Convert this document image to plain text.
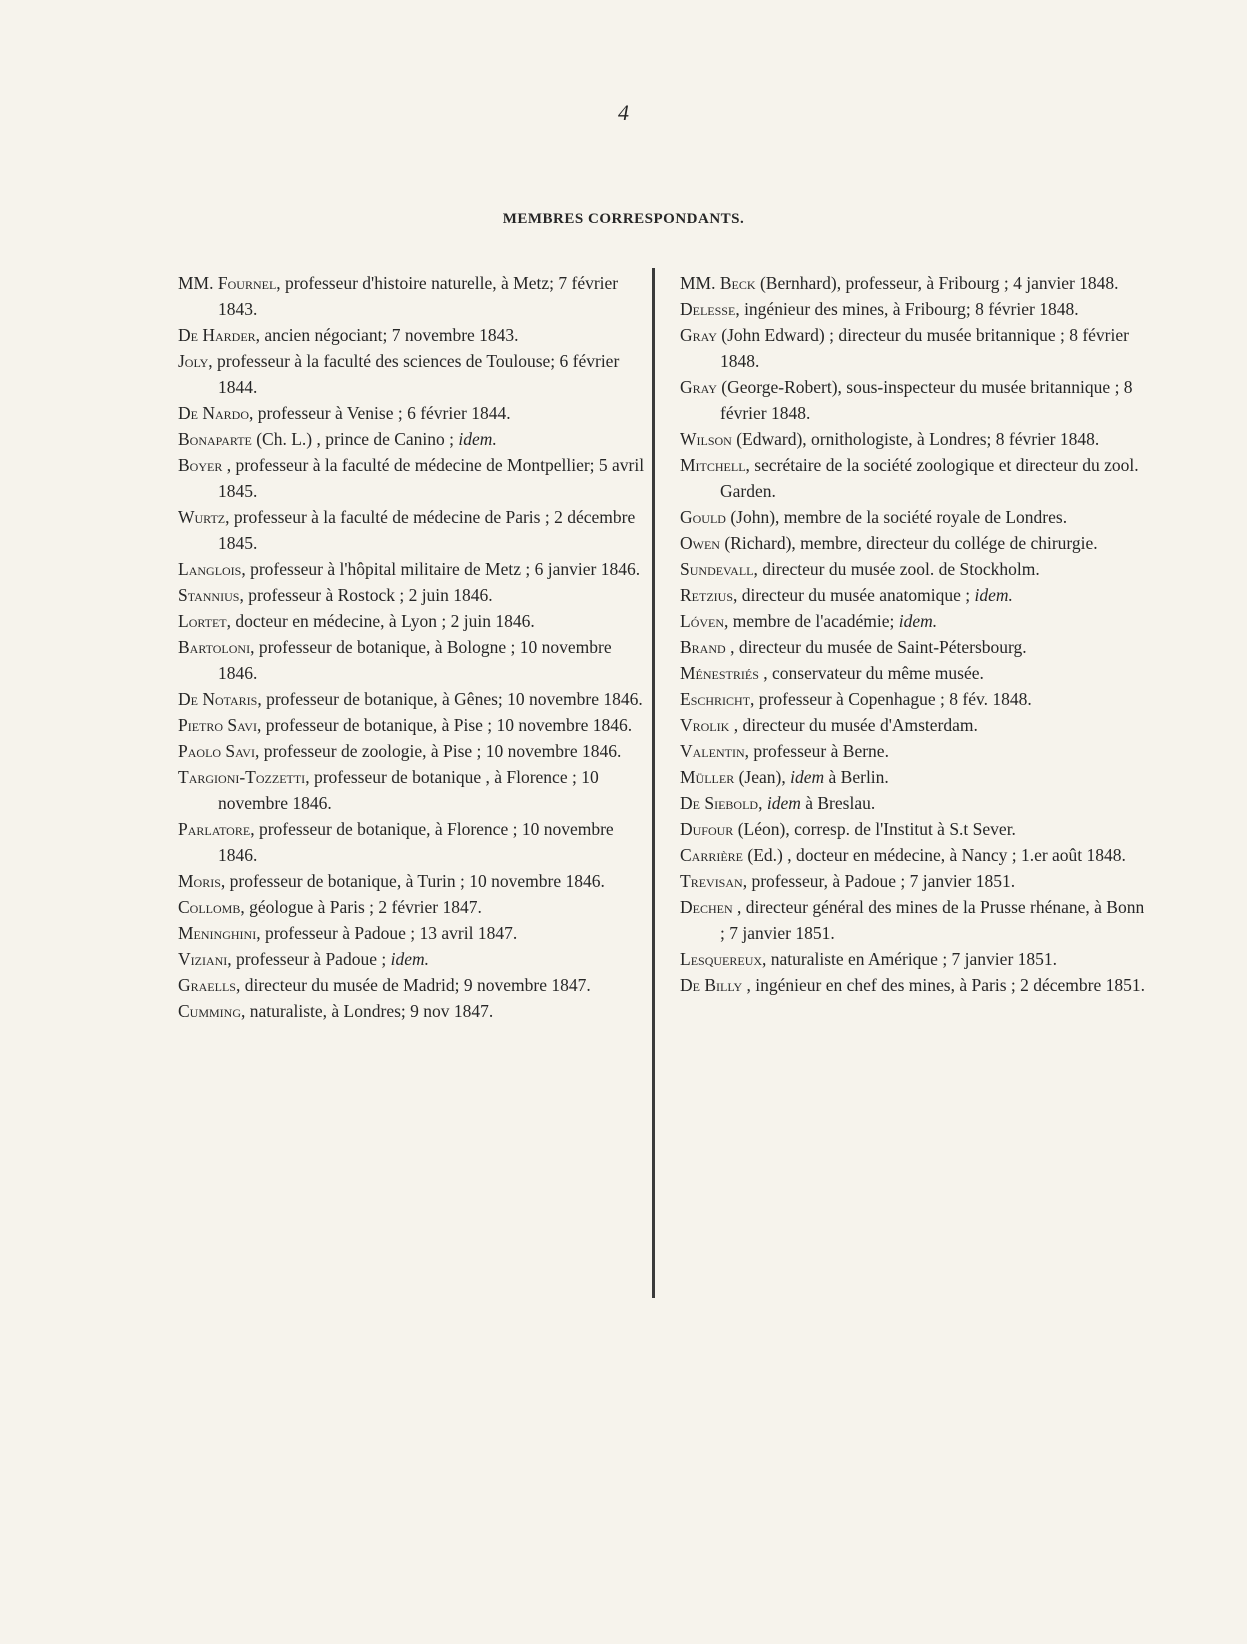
4
MEMBRES CORRESPONDANTS.
MM. Fournel, professeur d'histoire naturelle, à Metz; 7 février 1843.
De Harder, ancien négociant; 7 novembre 1843.
Joly, professeur à la faculté des sciences de Toulouse; 6 février 1844.
De Nardo, professeur à Venise ; 6 février 1844.
Bonaparte (Ch. L.) , prince de Canino ; idem.
Boyer , professeur à la faculté de médecine de Montpellier; 5 avril 1845.
Wurtz, professeur à la faculté de médecine de Paris ; 2 décembre 1845.
Langlois, professeur à l'hôpital militaire de Metz ; 6 janvier 1846.
Stannius, professeur à Rostock ; 2 juin 1846.
Lortet, docteur en médecine, à Lyon ; 2 juin 1846.
Bartoloni, professeur de botanique, à Bologne ; 10 novembre 1846.
De Notaris, professeur de botanique, à Gênes; 10 novembre 1846.
Pietro Savi, professeur de botanique, à Pise ; 10 novembre 1846.
Paolo Savi, professeur de zoologie, à Pise ; 10 novembre 1846.
Targioni-Tozzetti, professeur de botanique , à Florence ; 10 novembre 1846.
Parlatore, professeur de botanique, à Florence ; 10 novembre 1846.
Moris, professeur de botanique, à Turin ; 10 novembre 1846.
Collomb, géologue à Paris ; 2 février 1847.
Meninghini, professeur à Padoue ; 13 avril 1847.
Viziani, professeur à Padoue ; idem.
Graells, directeur du musée de Madrid; 9 novembre 1847.
Cumming, naturaliste, à Londres; 9 nov 1847.
MM. Beck (Bernhard), professeur, à Fribourg ; 4 janvier 1848.
Delesse, ingénieur des mines, à Fribourg; 8 février 1848.
Gray (John Edward) ; directeur du musée britannique ; 8 février 1848.
Gray (George-Robert), sous-inspecteur du musée britannique ; 8 février 1848.
Wilson (Edward), ornithologiste, à Londres; 8 février 1848.
Mitchell, secrétaire de la société zoologique et directeur du zool. Garden.
Gould (John), membre de la société royale de Londres.
Owen (Richard), membre, directeur du collége de chirurgie.
Sundevall, directeur du musée zool. de Stockholm.
Retzius, directeur du musée anatomique ; idem.
Lóven, membre de l'académie; idem.
Brand , directeur du musée de Saint-Pétersbourg.
Ménestriés , conservateur du même musée.
Eschricht, professeur à Copenhague ; 8 fév. 1848.
Vrolik , directeur du musée d'Amsterdam.
Valentin, professeur à Berne.
Müller (Jean), idem à Berlin.
De Siebold, idem à Breslau.
Dufour (Léon), corresp. de l'Institut à S.t Sever.
Carrière (Ed.) , docteur en médecine, à Nancy ; 1.er août 1848.
Trevisan, professeur, à Padoue ; 7 janvier 1851.
Dechen , directeur général des mines de la Prusse rhénane, à Bonn ; 7 janvier 1851.
Lesquereux, naturaliste en Amérique ; 7 janvier 1851.
De Billy , ingénieur en chef des mines, à Paris ; 2 décembre 1851.
